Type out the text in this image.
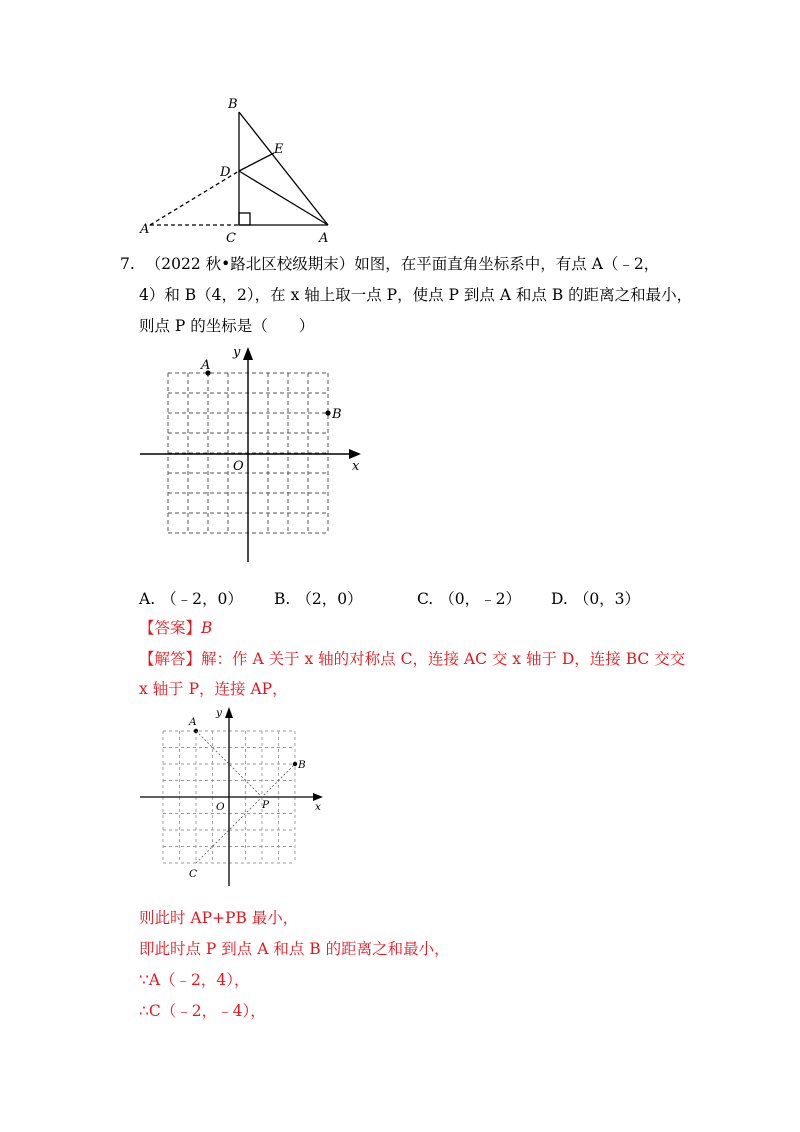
B
E
D
A′
C	A
7. （2022 秋•路北区校级期末）如图，在平面直角坐标系中，有点 A（﹣2，
4）和 B（4，2），在 x 轴上取一点 P，使点 P 到点 A 和点 B 的距离之和最小，
则点 P 的坐标是（　　）
y
x
O
A
B
A. （﹣2，0） B. （2，0）	C. （0，﹣2） D. （0，3）
【答案】B
【解答】解：作 A 关于 x 轴的对称点 C，连接 AC 交 x 轴于 D，连接 BC 交交
x 轴于 P，连接 AP，
y
x
O
A
B
P
C
则此时 AP+PB 最小，
即此时点 P 到点 A 和点 B 的距离之和最小，
∵A（﹣2，4），
∴C（﹣2，﹣4），
